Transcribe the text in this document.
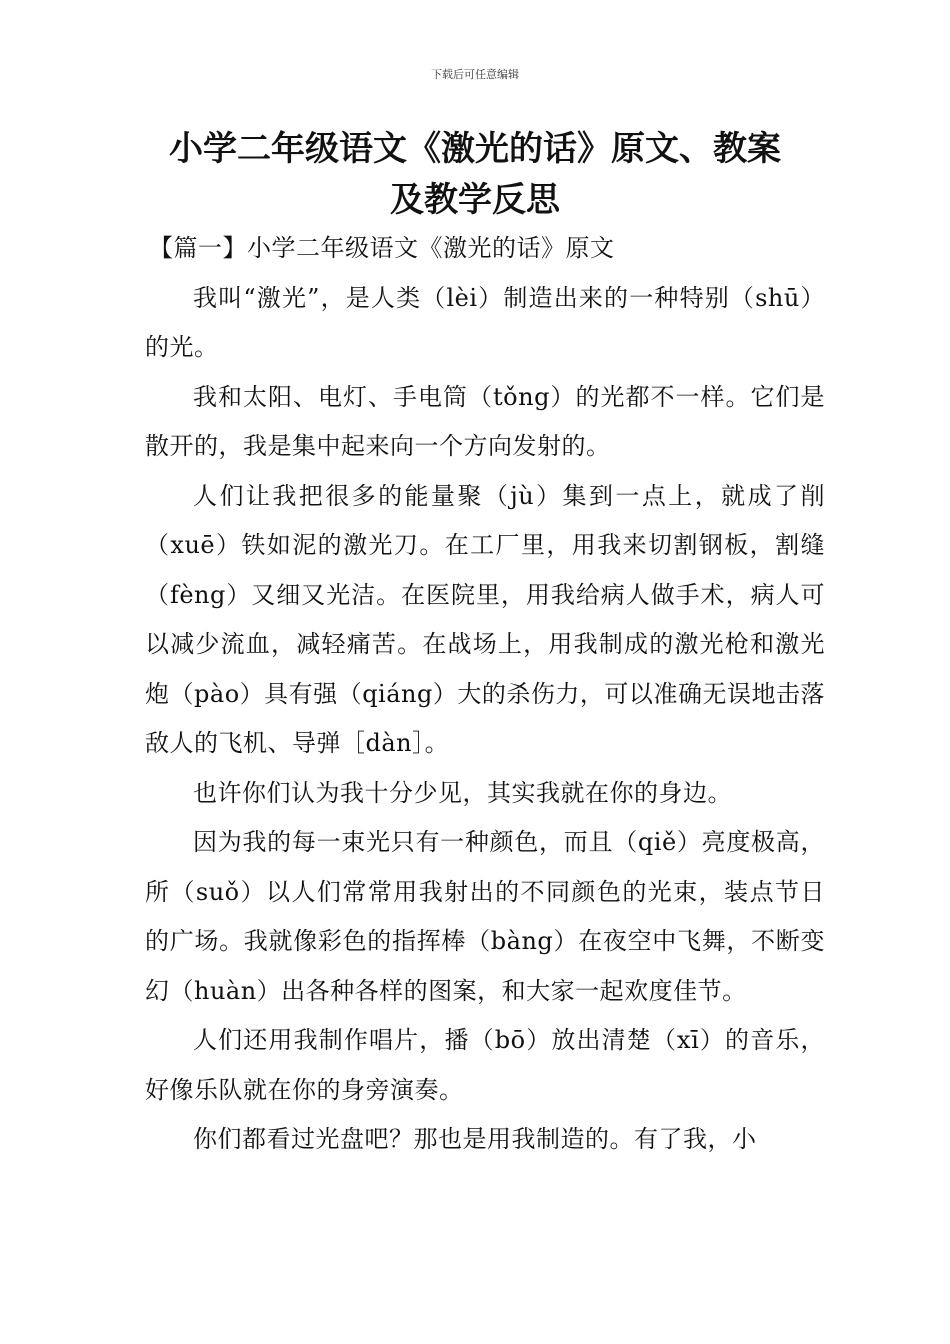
下载后可任意编辑
小学二年级语文《激光的话》原文、教案
及教学反思

【篇一】小学二年级语文《激光的话》原文

我叫“激光”，是人类（lèi）制造出来的一种特别（shū）的光。

我和太阳、电灯、手电筒（tǒng）的光都不一样。它们是散开的，我是集中起来向一个方向发射的。

人们让我把很多的能量聚（jù）集到一点上，就成了削（xuē）铁如泥的激光刀。在工厂里，用我来切割钢板，割缝（fèng）又细又光洁。在医院里，用我给病人做手术，病人可以减少流血，减轻痛苦。在战场上，用我制成的激光枪和激光炮（pào）具有强（qiáng）大的杀伤力，可以准确无误地击落敌人的飞机、导弹［dàn］。

也许你们认为我十分少见，其实我就在你的身边。

因为我的每一束光只有一种颜色，而且（qiě）亮度极高，所（suǒ）以人们常常用我射出的不同颜色的光束，装点节日的广场。我就像彩色的指挥棒（bàng）在夜空中飞舞，不断变幻（huàn）出各种各样的图案，和大家一起欢度佳节。

人们还用我制作唱片，播（bō）放出清楚（xī）的音乐，好像乐队就在你的身旁演奏。

你们都看过光盘吧？那也是用我制造的。有了我，小
